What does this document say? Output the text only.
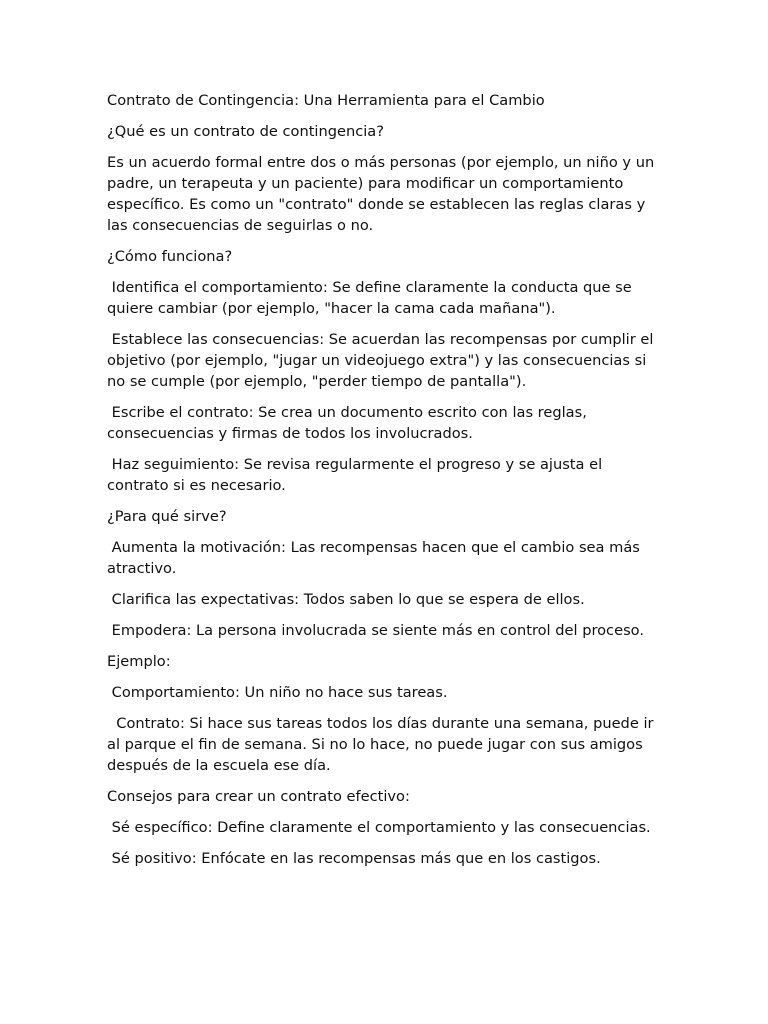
Contrato de Contingencia: Una Herramienta para el Cambio

¿Qué es un contrato de contingencia?

Es un acuerdo formal entre dos o más personas (por ejemplo, un niño y un padre, un terapeuta y un paciente) para modificar un comportamiento específico. Es como un "contrato" donde se establecen las reglas claras y las consecuencias de seguirlas o no.

¿Cómo funciona?

Identifica el comportamiento: Se define claramente la conducta que se quiere cambiar (por ejemplo, "hacer la cama cada mañana").

Establece las consecuencias: Se acuerdan las recompensas por cumplir el objetivo (por ejemplo, "jugar un videojuego extra") y las consecuencias si no se cumple (por ejemplo, "perder tiempo de pantalla").

Escribe el contrato: Se crea un documento escrito con las reglas, consecuencias y firmas de todos los involucrados.

Haz seguimiento: Se revisa regularmente el progreso y se ajusta el contrato si es necesario.

¿Para qué sirve?

Aumenta la motivación: Las recompensas hacen que el cambio sea más atractivo.

Clarifica las expectativas: Todos saben lo que se espera de ellos.

Empodera: La persona involucrada se siente más en control del proceso.

Ejemplo:

Comportamiento: Un niño no hace sus tareas.

Contrato: Si hace sus tareas todos los días durante una semana, puede ir al parque el fin de semana. Si no lo hace, no puede jugar con sus amigos después de la escuela ese día.

Consejos para crear un contrato efectivo:

Sé específico: Define claramente el comportamiento y las consecuencias.

Sé positivo: Enfócate en las recompensas más que en los castigos.
